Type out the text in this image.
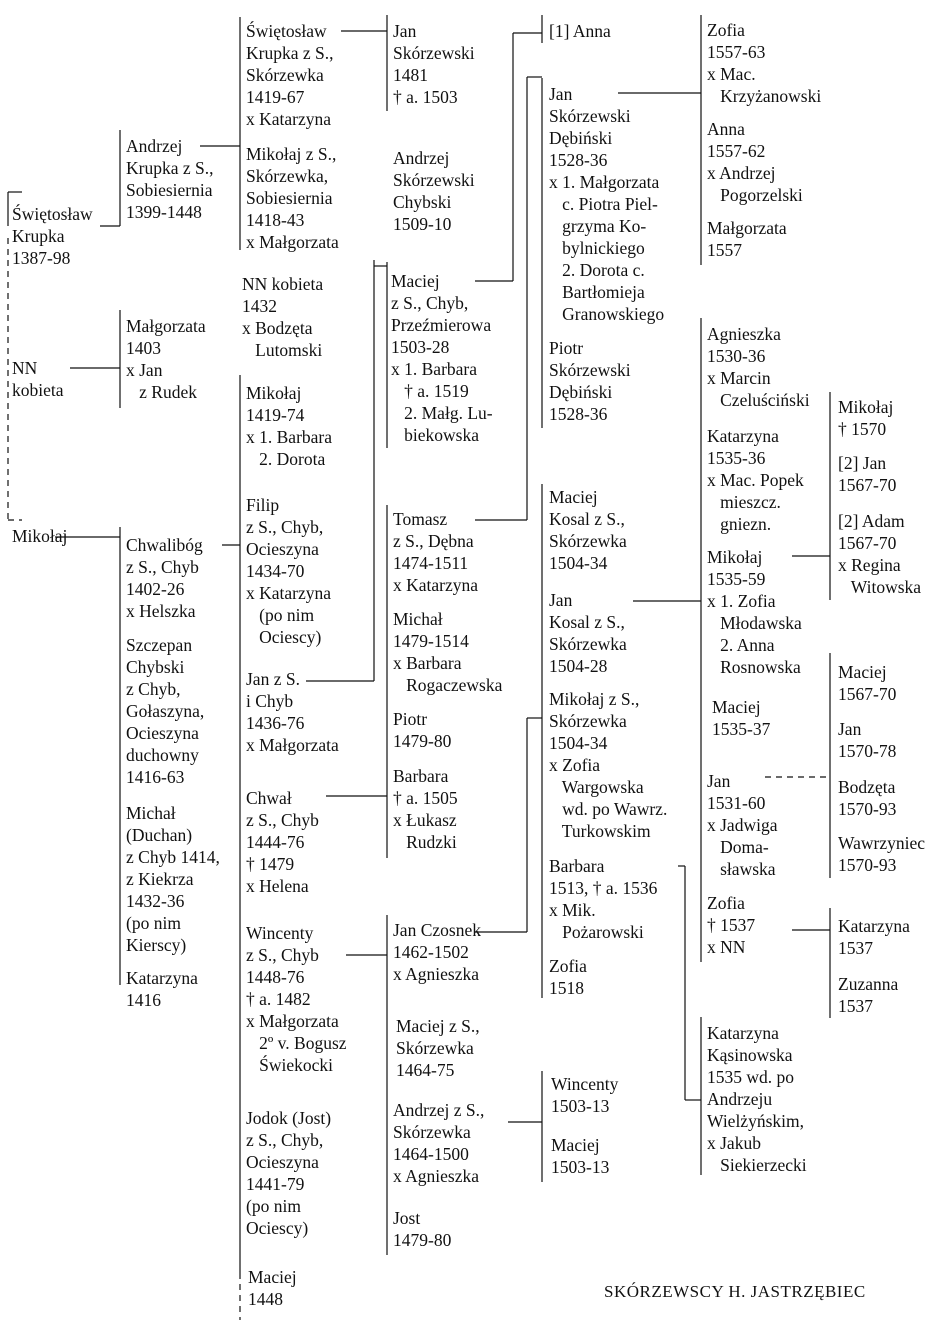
Świętosław
Krupka
1387-98
NN
kobieta
Mikołaj
Andrzej
Krupka z S.,
Sobiesiernia
1399-1448
Małgorzata
1403
x Jan
z Rudek
Chwalibóg
z S., Chyb
1402-26
x Helszka
Szczepan
Chybski
z Chyb,
Gołaszyna,
Ocieszyna
duchowny
1416-63
Michał
(Duchan)
z Chyb 1414,
z Kiekrza
1432-36
(po nim
Kierscy)
Katarzyna
1416
Świętosław
Krupka z S.,
Skórzewka
1419-67
x Katarzyna
Mikołaj z S.,
Skórzewka,
Sobiesiernia
1418-43
x Małgorzata
NN kobieta
1432
x Bodzęta
Lutomski
Mikołaj
1419-74
x 1. Barbara
2. Dorota
Filip
z S., Chyb,
Ocieszyna
1434-70
x Katarzyna
(po nim
Ociescy)
Jan z S.
i Chyb
1436-76
x Małgorzata
Chwał
z S., Chyb
1444-76
† 1479
x Helena
Wincenty
z S., Chyb
1448-76
† a. 1482
x Małgorzata
2º v. Bogusz
Świekocki
Jodok (Jost)
z S., Chyb,
Ocieszyna
1441-79
(po nim
Ociescy)
Maciej
1448
Jan
Skórzewski
1481
† a. 1503
Andrzej
Skórzewski
Chybski
1509-10
Maciej
z S., Chyb,
Przeźmierowa
1503-28
x 1. Barbara
† a. 1519
2. Małg. Lu-
biekowska
Tomasz
z S., Dębna
1474-1511
x Katarzyna
Michał
1479-1514
x Barbara
Rogaczewska
Piotr
1479-80
Barbara
† a. 1505
x Łukasz
Rudzki
Jan Czosnek
1462-1502
x Agnieszka
Maciej z S.,
Skórzewka
1464-75
Andrzej z S.,
Skórzewka
1464-1500
x Agnieszka
Jost
1479-80
[1] Anna
Jan
Skórzewski
Dębiński
1528-36
x 1. Małgorzata
c. Piotra Piel-
grzyma Ko-
bylnickiego
2. Dorota c.
Bartłomieja
Granowskiego
Piotr
Skórzewski
Dębiński
1528-36
Maciej
Kosal z S.,
Skórzewka
1504-34
Jan
Kosal z S.,
Skórzewka
1504-28
Mikołaj z S.,
Skórzewka
1504-34
x Zofia
Wargowska
wd. po Wawrz.
Turkowskim
Barbara
1513, † a. 1536
x Mik.
Pożarowski
Zofia
1518
Wincenty
1503-13
Maciej
1503-13
Zofia
1557-63
x Mac.
Krzyżanowski
Anna
1557-62
x Andrzej
Pogorzelski
Małgorzata
1557
Agnieszka
1530-36
x Marcin
Czeluściński
Katarzyna
1535-36
x Mac. Popek
mieszcz.
gniezn.
Mikołaj
1535-59
x 1. Zofia
Młodawska
2. Anna
Rosnowska
Maciej
1535-37
Jan
1531-60
x Jadwiga
Doma-
sławska
Zofia
† 1537
x NN
Katarzyna
Kąsinowska
1535 wd. po
Andrzeju
Wielżyńskim,
x Jakub
Siekierzecki
Mikołaj
† 1570
[2] Jan
1567-70
[2] Adam
1567-70
x Regina
Witowska
Maciej
1567-70
Jan
1570-78
Bodzęta
1570-93
Wawrzyniec
1570-93
Katarzyna
1537
Zuzanna
1537
SKÓRZEWSCY H. JASTRZĘBIEC
